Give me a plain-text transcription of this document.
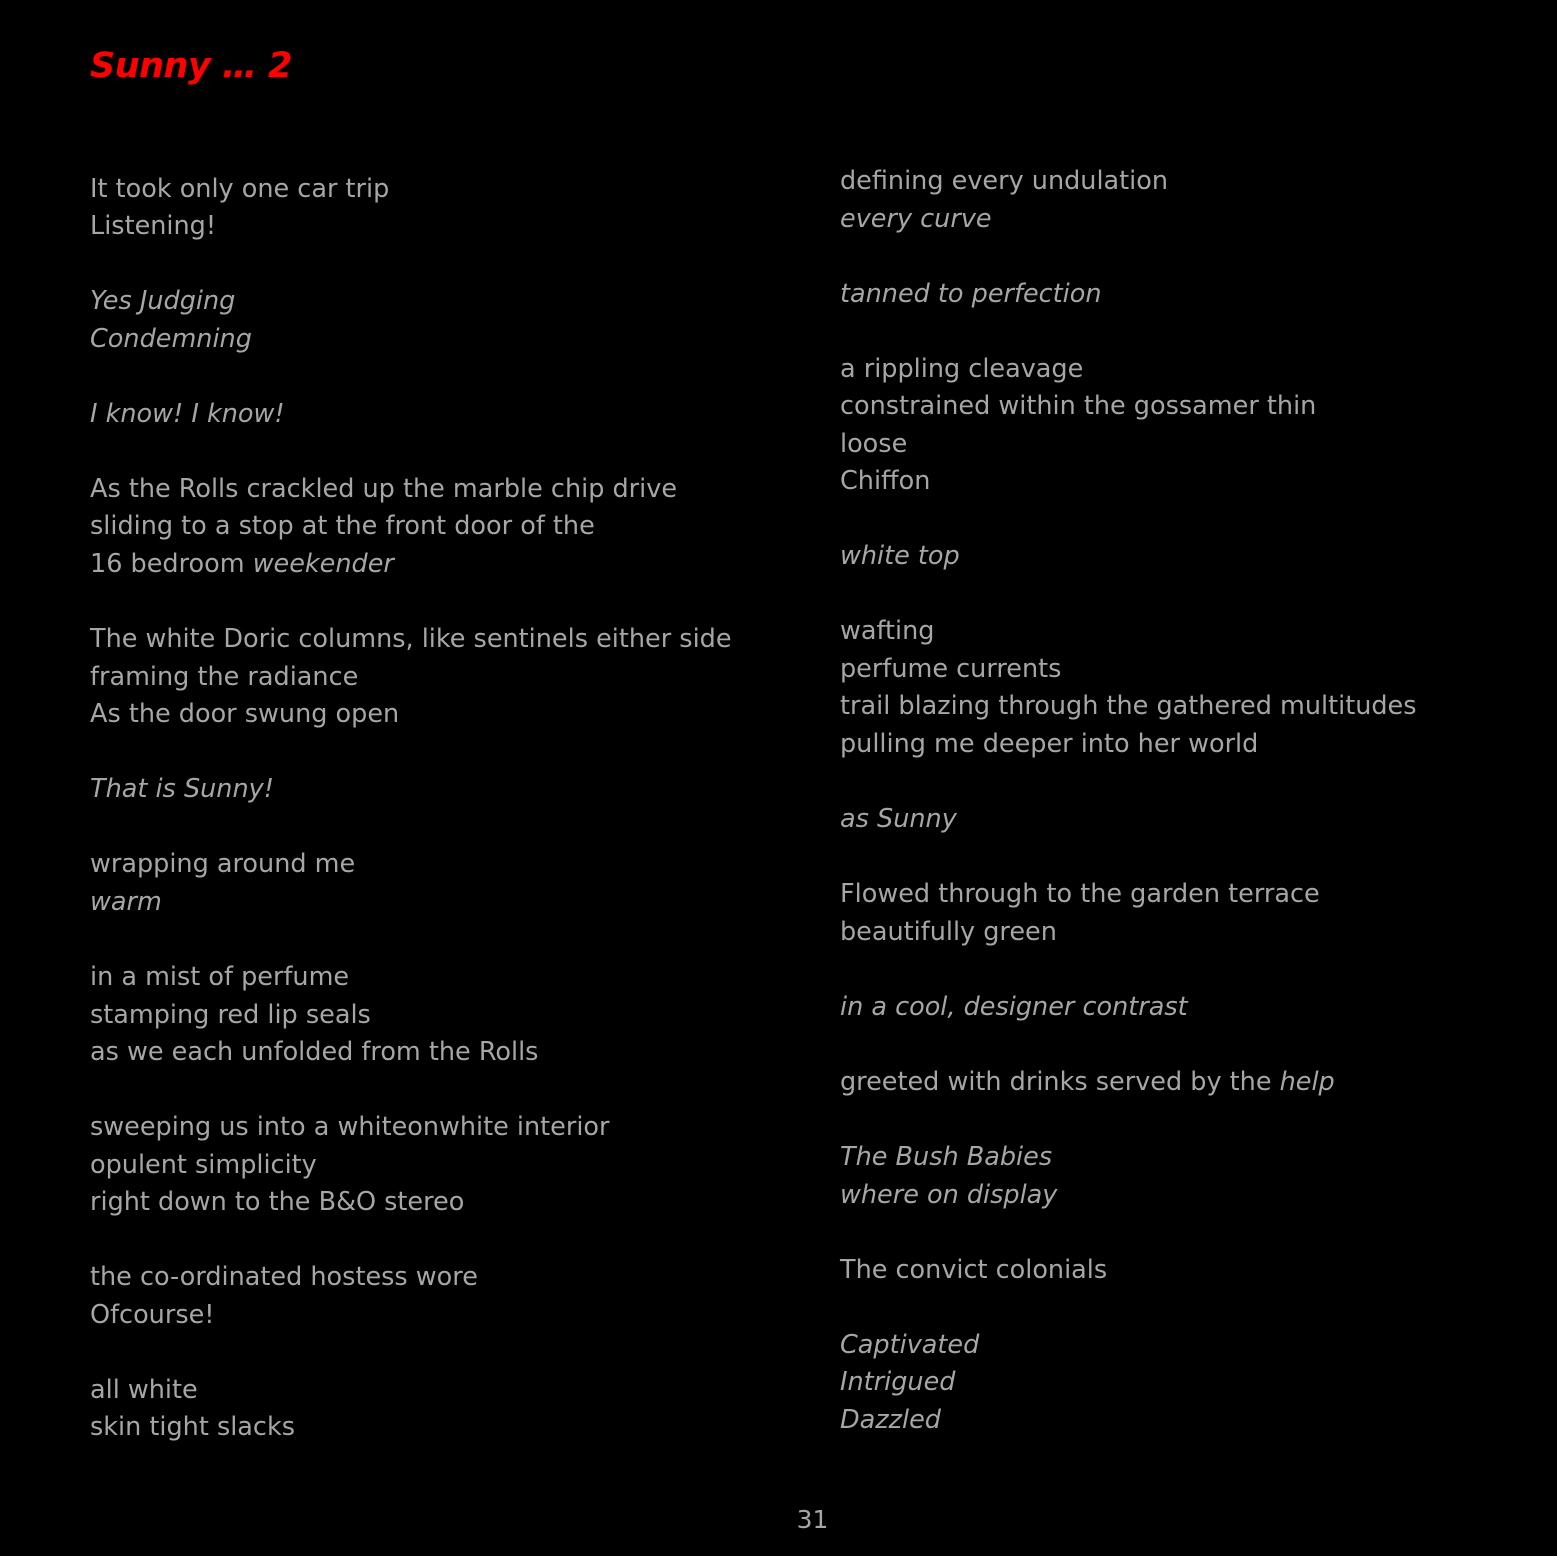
Sunny … 2
It took only one car trip
Listening!
Yes Judging
Condemning
I know! I know!
As the Rolls crackled up the marble chip drive
sliding to a stop at the front door of the
16 bedroom weekender
The white Doric columns, like sentinels either side
framing the radiance
As the door swung open
That is Sunny!
wrapping around me
warm
in a mist of perfume
stamping red lip seals
as we each unfolded from the Rolls
sweeping us into a whiteonwhite interior
opulent simplicity
right down to the B&O stereo
the co-ordinated hostess wore
Ofcourse!
all white
skin tight slacks
defining every undulation
every curve
tanned to perfection
a rippling cleavage
constrained within the gossamer thin
loose
Chiffon
white top
wafting
perfume currents
trail blazing through the gathered multitudes
pulling me deeper into her world
as Sunny
Flowed through to the garden terrace
beautifully green
in a cool, designer contrast
greeted with drinks served by the help
The Bush Babies
where on display
The convict colonials
Captivated
Intrigued
Dazzled
31
